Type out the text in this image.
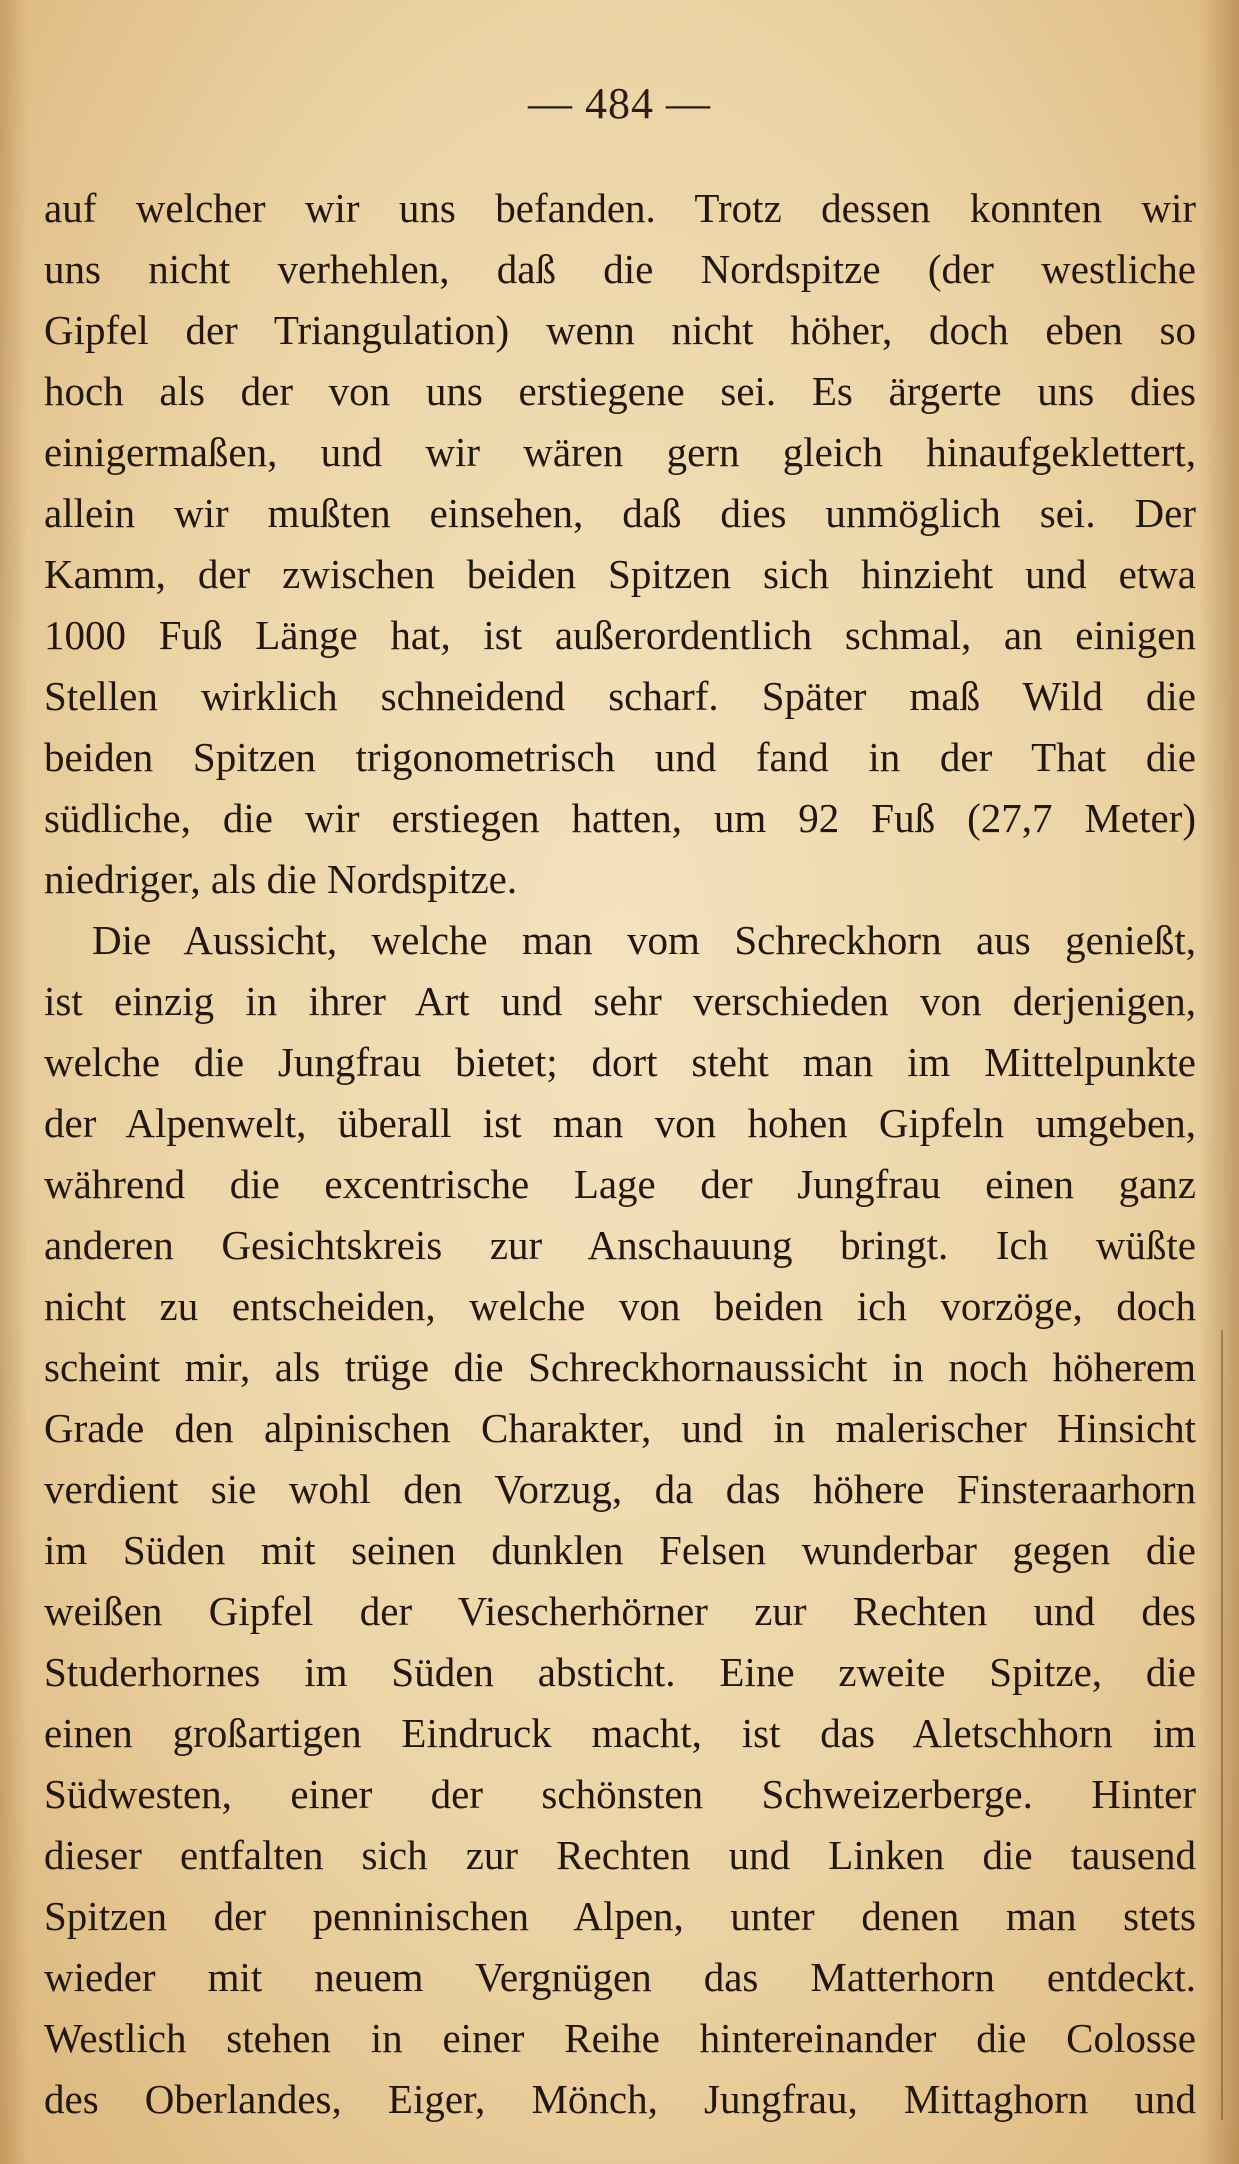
— 484 —
auf welcher wir uns befanden. Trotz dessen konnten wir
uns nicht verhehlen, daß die Nordspitze (der westliche
Gipfel der Triangulation) wenn nicht höher, doch eben so
hoch als der von uns erstiegene sei. Es ärgerte uns dies
einigermaßen, und wir wären gern gleich hinaufgeklettert,
allein wir mußten einsehen, daß dies unmöglich sei. Der
Kamm, der zwischen beiden Spitzen sich hinzieht und etwa
1000 Fuß Länge hat, ist außerordentlich schmal, an einigen
Stellen wirklich schneidend scharf. Später maß Wild die
beiden Spitzen trigonometrisch und fand in der That die
südliche, die wir erstiegen hatten, um 92 Fuß (27,7 Meter)
niedriger, als die Nordspitze.
Die Aussicht, welche man vom Schreckhorn aus genießt,
ist einzig in ihrer Art und sehr verschieden von derjenigen,
welche die Jungfrau bietet; dort steht man im Mittelpunkte
der Alpenwelt, überall ist man von hohen Gipfeln umgeben,
während die excentrische Lage der Jungfrau einen ganz
anderen Gesichtskreis zur Anschauung bringt. Ich wüßte
nicht zu entscheiden, welche von beiden ich vorzöge, doch
scheint mir, als trüge die Schreckhornaussicht in noch höherem
Grade den alpinischen Charakter, und in malerischer Hinsicht
verdient sie wohl den Vorzug, da das höhere Finsteraarhorn
im Süden mit seinen dunklen Felsen wunderbar gegen die
weißen Gipfel der Viescherhörner zur Rechten und des
Studerhornes im Süden absticht. Eine zweite Spitze, die
einen großartigen Eindruck macht, ist das Aletschhorn im
Südwesten, einer der schönsten Schweizerberge. Hinter
dieser entfalten sich zur Rechten und Linken die tausend
Spitzen der penninischen Alpen, unter denen man stets
wieder mit neuem Vergnügen das Matterhorn entdeckt.
Westlich stehen in einer Reihe hintereinander die Colosse
des Oberlandes, Eiger, Mönch, Jungfrau, Mittaghorn und
